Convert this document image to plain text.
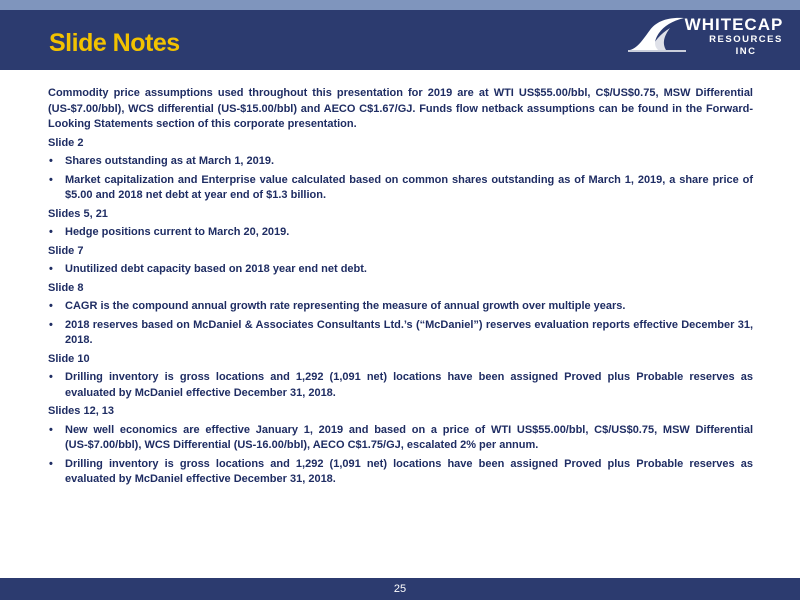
Slide Notes
WHITECAP
RESOURCES INC

Commodity price assumptions used throughout this presentation for 2019 are at WTI US$55.00/bbl, C$/US$0.75, MSW Differential (US-$7.00/bbl), WCS differential (US-$15.00/bbl) and AECO C$1.67/GJ. Funds flow netback assumptions can be found in the Forward-Looking Statements section of this corporate presentation.

Slide 2
• Shares outstanding as at March 1, 2019.
• Market capitalization and Enterprise value calculated based on common shares outstanding as of March 1, 2019, a share price of $5.00 and 2018 net debt at year end of $1.3 billion.
Slides 5, 21
• Hedge positions current to March 20, 2019.
Slide 7
• Unutilized debt capacity based on 2018 year end net debt.
Slide 8
• CAGR is the compound annual growth rate representing the measure of annual growth over multiple years.
• 2018 reserves based on McDaniel & Associates Consultants Ltd.’s (“McDaniel”) reserves evaluation reports effective December 31, 2018.
Slide 10
• Drilling inventory is gross locations and 1,292 (1,091 net) locations have been assigned Proved plus Probable reserves as evaluated by McDaniel effective December 31, 2018.
Slides 12, 13
• New well economics are effective January 1, 2019 and based on a price of WTI US$55.00/bbl, C$/US$0.75, MSW Differential (US-$7.00/bbl), WCS Differential (US-16.00/bbl), AECO C$1.75/GJ, escalated 2% per annum.
• Drilling inventory is gross locations and 1,292 (1,091 net) locations have been assigned Proved plus Probable reserves as evaluated by McDaniel effective December 31, 2018.
25
